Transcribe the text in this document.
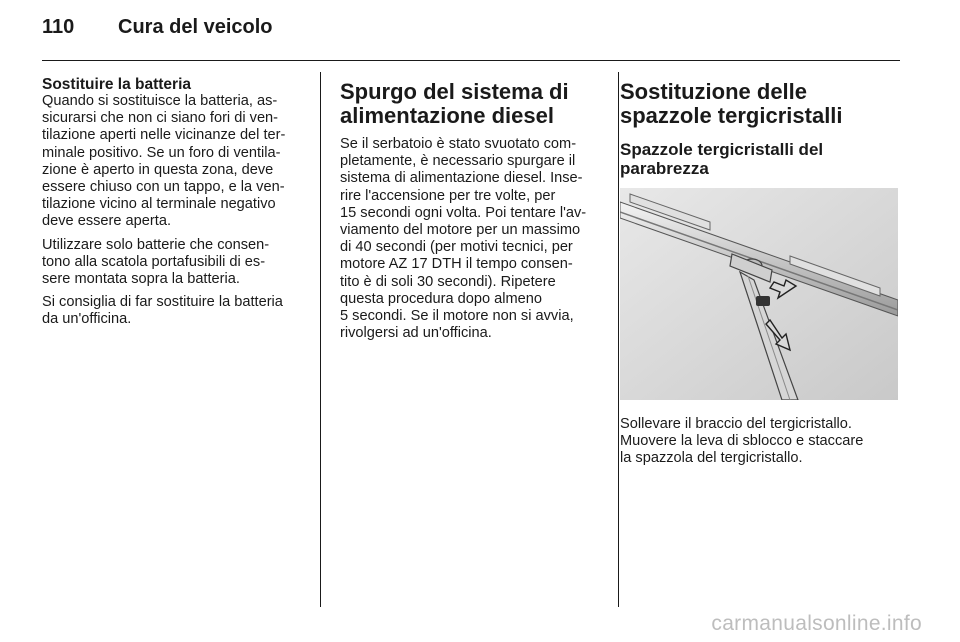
110	Cura del veicolo
Sostituire la batteria

Quando si sostituisce la batteria, as-
sicurarsi che non ci siano fori di ven-
tilazione aperti nelle vicinanze del ter-
minale positivo. Se un foro di ventila-
zione è aperto in questa zona, deve
essere chiuso con un tappo, e la ven-
tilazione vicino al terminale negativo
deve essere aperta.

Utilizzare solo batterie che consen-
tono alla scatola portafusibili di es-
sere montata sopra la batteria.

Si consiglia di far sostituire la batteria
da un'officina.

Spurgo del sistema di
alimentazione diesel

Se il serbatoio è stato svuotato com-
pletamente, è necessario spurgare il
sistema di alimentazione diesel. Inse-
rire l'accensione per tre volte, per
15 secondi ogni volta. Poi tentare l'av-
viamento del motore per un massimo
di 40 secondi (per motivi tecnici, per
motore AZ 17 DTH il tempo consen-
tito è di soli 30 secondi). Ripetere
questa procedura dopo almeno
5 secondi. Se il motore non si avvia,
rivolgersi ad un'officina.

Sostituzione delle
spazzole tergicristalli
Spazzole tergicristalli del
parabrezza

Sollevare il braccio del tergicristallo.
Muovere la leva di sblocco e staccare
la spazzola del tergicristallo.

carmanualsonline.info
